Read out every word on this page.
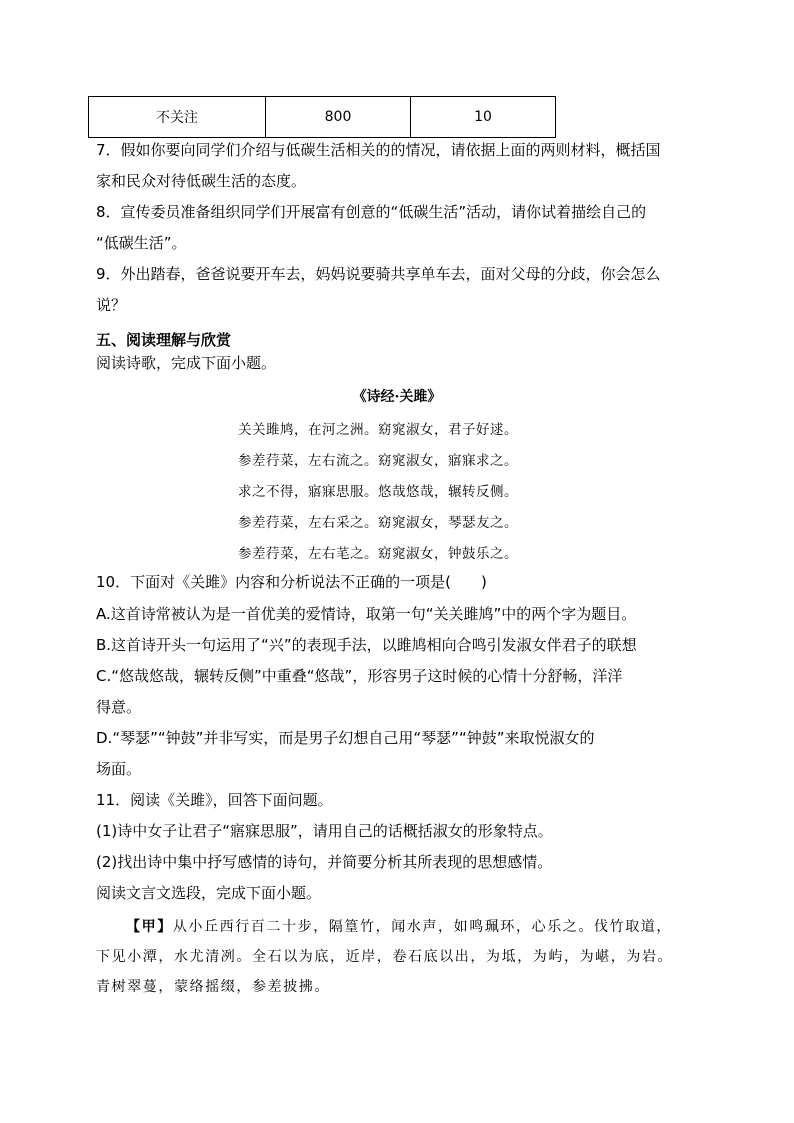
不关注	800	10
7．假如你要向同学们介绍与低碳生活相关的的情况，请依据上面的两则材料，概括国
家和民众对待低碳生活的态度。
8．宣传委员准备组织同学们开展富有创意的“低碳生活”活动，请你试着描绘自己的
“低碳生活”。
9．外出踏春，爸爸说要开车去，妈妈说要骑共享单车去，面对父母的分歧，你会怎么
说？
五、阅读理解与欣赏
阅读诗歌，完成下面小题。
《诗经·关雎》
关关雎鸠，在河之洲。窈窕淑女，君子好逑。
参差荇菜，左右流之。窈窕淑女，寤寐求之。
求之不得，寤寐思服。悠哉悠哉，辗转反侧。
参差荇菜，左右采之。窈窕淑女，琴瑟友之。
参差荇菜，左右芼之。窈窕淑女，钟鼓乐之。
10．下面对《关雎》内容和分析说法不正确的一项是(　　)
A.这首诗常被认为是一首优美的爱情诗，取第一句“关关雎鸠”中的两个字为题目。
B.这首诗开头一句运用了“兴”的表现手法，以雎鸠相向合鸣引发淑女伴君子的联想
C.“悠哉悠哉，辗转反侧”中重叠“悠哉”，形容男子这时候的心情十分舒畅，洋洋
得意。
D.“琴瑟”“钟鼓”并非写实，而是男子幻想自己用“琴瑟”“钟鼓”来取悦淑女的
场面。
11．阅读《关雎》，回答下面问题。
(1)诗中女子让君子“寤寐思服”，请用自己的话概括淑女的形象特点。
(2)找出诗中集中抒写感情的诗句，并简要分析其所表现的思想感情。
阅读文言文选段，完成下面小题。
【甲】从小丘西行百二十步，隔篁竹，闻水声，如鸣珮环，心乐之。伐竹取道，
下见小潭，水尤清冽。全石以为底，近岸，卷石底以出，为坻，为屿，为嵁，为岩。
青树翠蔓，蒙络摇缀，参差披拂。
